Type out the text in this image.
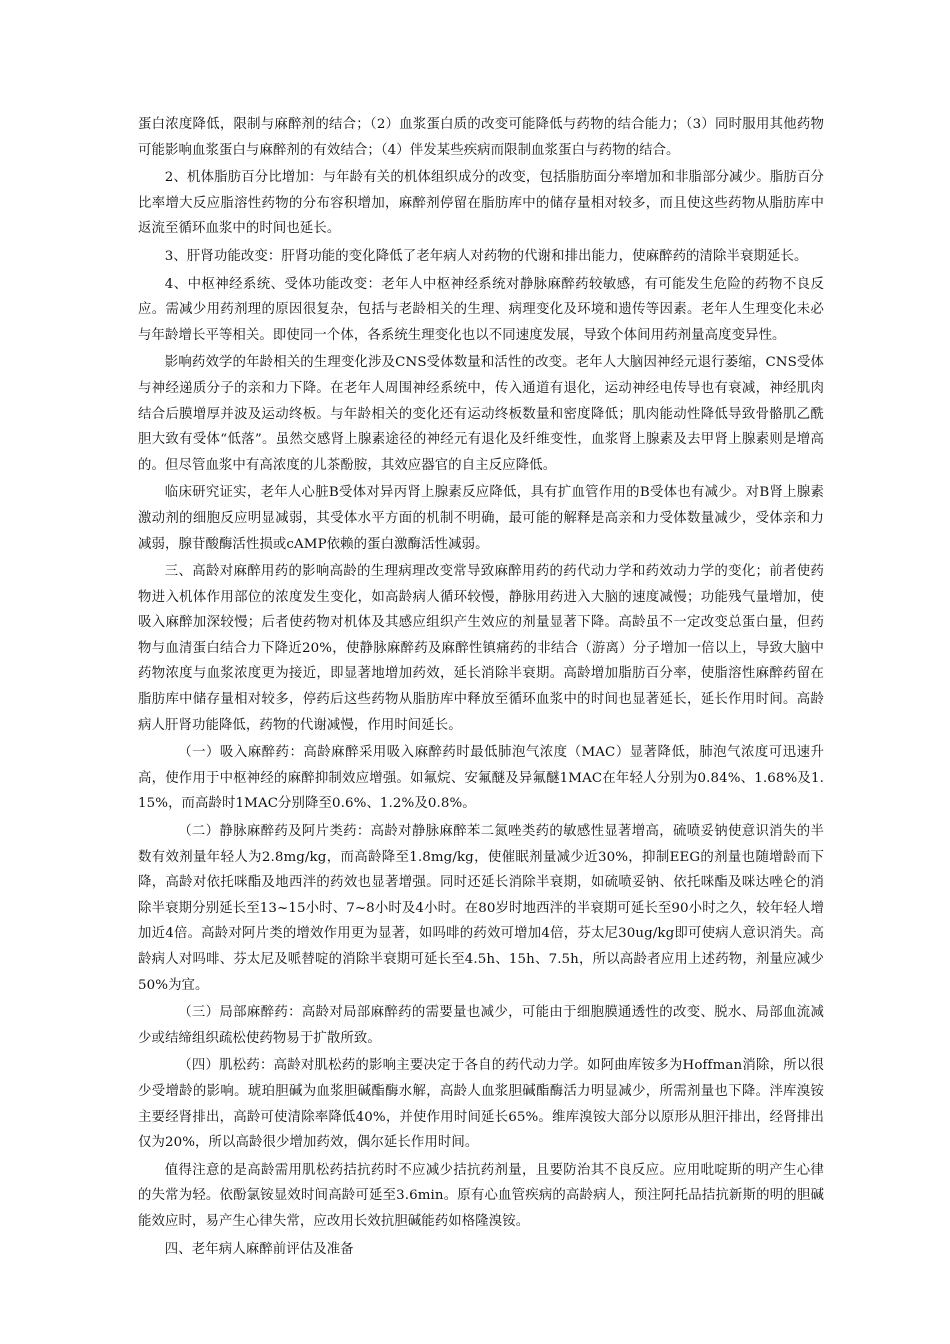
蛋白浓度降低，限制与麻醉剂的结合；（2）血浆蛋白质的改变可能降低与药物的结合能力；（3）同时服用其他药物可能影响血浆蛋白与麻醉剂的有效结合；（4）伴发某些疾病而限制血浆蛋白与药物的结合。

2、机体脂肪百分比增加：与年龄有关的机体组织成分的改变，包括脂肪面分率增加和非脂部分减少。脂肪百分比率增大反应脂溶性药物的分布容积增加，麻醉剂停留在脂肪库中的储存量相对较多，而且使这些药物从脂肪库中返流至循环血浆中的时间也延长。

3、肝肾功能改变：肝肾功能的变化降低了老年病人对药物的代谢和排出能力，使麻醉药的清除半衰期延长。

4、中枢神经系统、受体功能改变：老年人中枢神经系统对静脉麻醉药较敏感，有可能发生危险的药物不良反应。需减少用药剂理的原因很复杂，包括与老龄相关的生理、病理变化及环境和遗传等因素。老年人生理变化未必与年龄增长平等相关。即使同一个体，各系统生理变化也以不同速度发展，导致个体间用药剂量高度变异性。

影响药效学的年龄相关的生理变化涉及CNS受体数量和活性的改变。老年人大脑因神经元退行萎缩，CNS受体与神经递质分子的亲和力下降。在老年人周围神经系统中，传入通道有退化，运动神经电传导也有衰减，神经肌肉结合后膜增厚并波及运动终板。与年龄相关的变化还有运动终板数量和密度降低；肌肉能动性降低导致骨骼肌乙酰胆大致有受体“低落”。虽然交感肾上腺素途径的神经元有退化及纤维变性，血浆肾上腺素及去甲肾上腺素则是增高的。但尽管血浆中有高浓度的儿茶酚胺，其效应器官的自主反应降低。

临床研究证实，老年人心脏B受体对异丙肾上腺素反应降低，具有扩血管作用的B受体也有减少。对B肾上腺素激动剂的细胞反应明显减弱，其受体水平方面的机制不明确，最可能的解释是高亲和力受体数量减少，受体亲和力减弱，腺苷酸酶活性损或cAMP依赖的蛋白激酶活性减弱。

三、高龄对麻醉用药的影响高龄的生理病理改变常导致麻醉用药的药代动力学和药效动力学的变化；前者使药物进入机体作用部位的浓度发生变化，如高龄病人循环较慢，静脉用药进入大脑的速度减慢；功能残气量增加，使吸入麻醉加深较慢；后者使药物对机体及其感应组织产生效应的剂量显著下降。高龄虽不一定改变总蛋白量，但药物与血清蛋白结合力下降近20%，使静脉麻醉药及麻醉性镇痛药的非结合（游离）分子增加一倍以上，导致大脑中药物浓度与血浆浓度更为接近，即显著地增加药效，延长消除半衰期。高龄增加脂肪百分率，使脂溶性麻醉药留在脂肪库中储存量相对较多，停药后这些药物从脂肪库中释放至循环血浆中的时间也显著延长，延长作用时间。高龄病人肝肾功能降低，药物的代谢减慢，作用时间延长。

（一）吸入麻醉药：高龄麻醉采用吸入麻醉药时最低肺泡气浓度（MAC）显著降低，肺泡气浓度可迅速升高，使作用于中枢神经的麻醉抑制效应增强。如氟烷、安氟醚及异氟醚1MAC在年轻人分别为0.84%、1.68%及1.15%，而高龄时1MAC分别降至0.6%、1.2%及0.8%。

（二）静脉麻醉药及阿片类药：高龄对静脉麻醉苯二氮唑类药的敏感性显著增高，硫喷妥钠使意识消失的半数有效剂量年轻人为2.8mg/kg，而高龄降至1.8mg/kg，使催眠剂量减少近30%，抑制EEG的剂量也随增龄而下降，高龄对依托咪酯及地西泮的药效也显著增强。同时还延长消除半衰期，如硫喷妥钠、依托咪酯及咪达唑仑的消除半衰期分别延长至13~15小时、7~8小时及4小时。在80岁时地西泮的半衰期可延长至90小时之久，较年轻人增加近4倍。高龄对阿片类的增效作用更为显著，如吗啡的药效可增加4倍，芬太尼30ug/kg即可使病人意识消失。高龄病人对吗啡、芬太尼及哌替啶的消除半衰期可延长至4.5h、15h、7.5h，所以高龄者应用上述药物，剂量应减少50%为宜。

（三）局部麻醉药：高龄对局部麻醉药的需要量也减少，可能由于细胞膜通透性的改变、脱水、局部血流减少或结缔组织疏松使药物易于扩散所致。

（四）肌松药：高龄对肌松药的影响主要决定于各自的药代动力学。如阿曲库铵多为Hoffman消除，所以很少受增龄的影响。琥珀胆碱为血浆胆碱酯酶水解，高龄人血浆胆碱酯酶活力明显减少，所需剂量也下降。泮库溴铵主要经肾排出，高龄可使清除率降低40%，并使作用时间延长65%。维库溴铵大部分以原形从胆汗排出，经肾排出仅为20%，所以高龄很少增加药效，偶尔延长作用时间。

值得注意的是高龄需用肌松药拮抗药时不应减少拮抗药剂量，且要防治其不良反应。应用吡啶斯的明产生心律的失常为轻。依酚氯铵显效时间高龄可延至3.6min。原有心血管疾病的高龄病人，预注阿托品拮抗新斯的明的胆碱能效应时，易产生心律失常，应改用长效抗胆碱能药如格隆溴铵。

四、老年病人麻醉前评估及准备
